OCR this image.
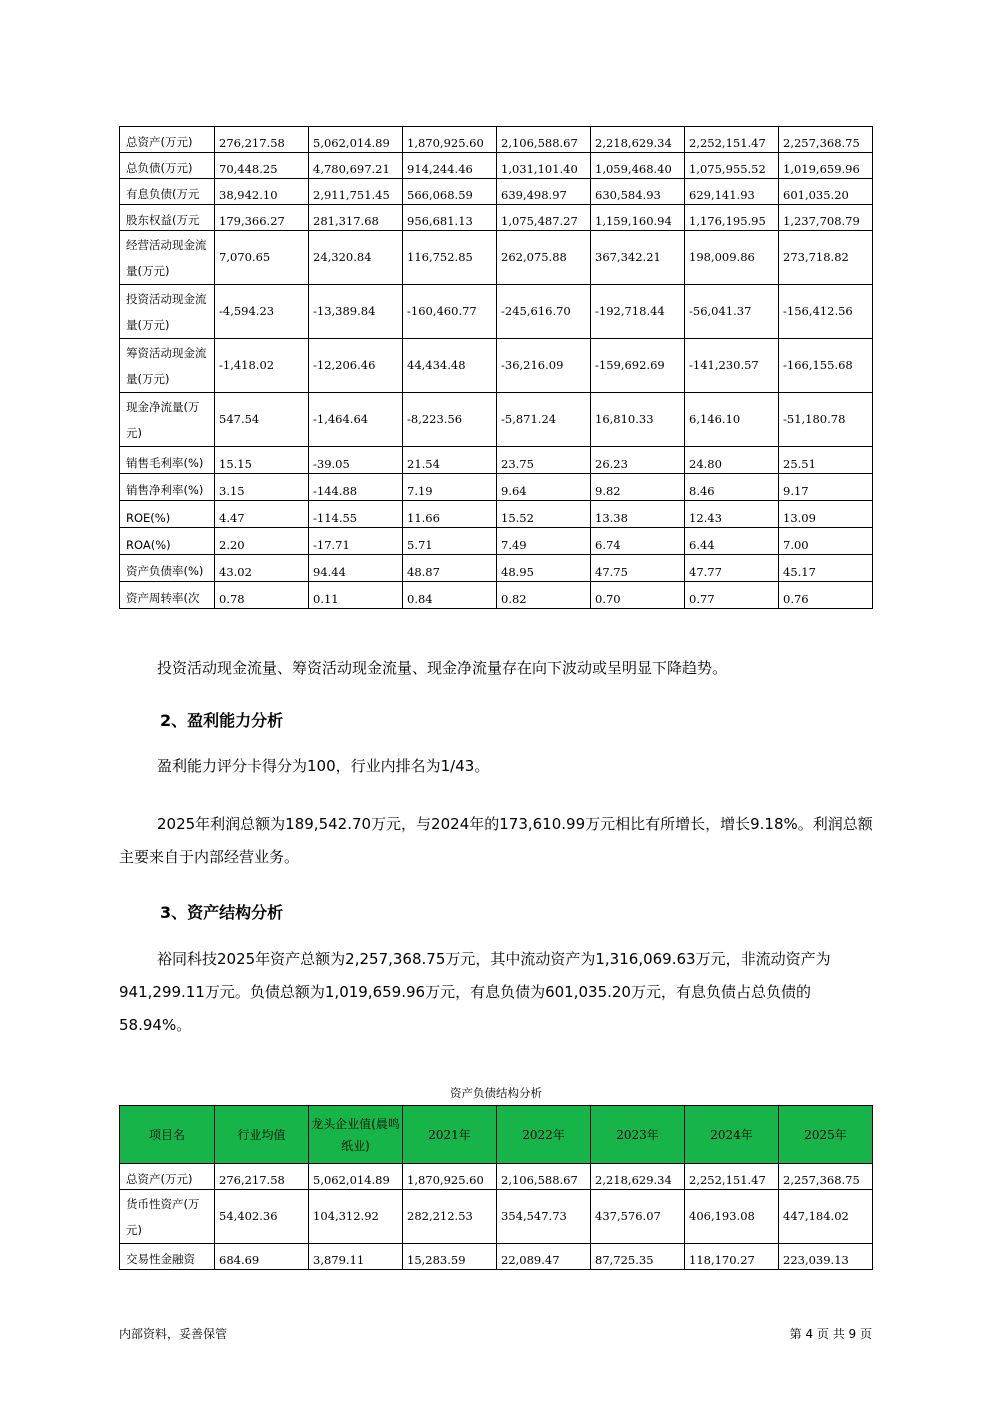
总资产(万元)	276,217.58	5,062,014.89	1,870,925.60	2,106,588.67	2,218,629.34	2,252,151.47	2,257,368.75
总负债(万元)	70,448.25	4,780,697.21	914,244.46	1,031,101.40	1,059,468.40	1,075,955.52	1,019,659.96
有息负债(万元	38,942.10	2,911,751.45	566,068.59	639,498.97	630,584.93	629,141.93	601,035.20
股东权益(万元	179,366.27	281,317.68	956,681.13	1,075,487.27	1,159,160.94	1,176,195.95	1,237,708.79
经营活动现金流量(万元)	7,070.65	24,320.84	116,752.85	262,075.88	367,342.21	198,009.86	273,718.82
投资活动现金流量(万元)	-4,594.23	-13,389.84	-160,460.77	-245,616.70	-192,718.44	-56,041.37	-156,412.56
筹资活动现金流量(万元)	-1,418.02	-12,206.46	44,434.48	-36,216.09	-159,692.69	-141,230.57	-166,155.68
现金净流量(万元)	547.54	-1,464.64	-8,223.56	-5,871.24	16,810.33	6,146.10	-51,180.78
销售毛利率(%)	15.15	-39.05	21.54	23.75	26.23	24.80	25.51
销售净利率(%)	3.15	-144.88	7.19	9.64	9.82	8.46	9.17
ROE(%)	4.47	-114.55	11.66	15.52	13.38	12.43	13.09
ROA(%)	2.20	-17.71	5.71	7.49	6.74	6.44	7.00
资产负债率(%)	43.02	94.44	48.87	48.95	47.75	47.77	45.17
资产周转率(次	0.78	0.11	0.84	0.82	0.70	0.77	0.76
投资活动现金流量、筹资活动现金流量、现金净流量存在向下波动或呈明显下降趋势。
2、盈利能力分析
盈利能力评分卡得分为100，行业内排名为1/43。
2025年利润总额为189,542.70万元，与2024年的173,610.99万元相比有所增长，增长9.18%。利润总额主要来自于内部经营业务。
3、资产结构分析
裕同科技2025年资产总额为2,257,368.75万元，其中流动资产为1,316,069.63万元，非流动资产为941,299.11万元。负债总额为1,019,659.96万元，有息负债为601,035.20万元，有息负债占总负债的58.94%。
资产负债结构分析
项目名	行业均值	龙头企业值(晨鸣纸业)	2021年	2022年	2023年	2024年	2025年
总资产(万元)	276,217.58	5,062,014.89	1,870,925.60	2,106,588.67	2,218,629.34	2,252,151.47	2,257,368.75
货币性资产(万元)	54,402.36	104,312.92	282,212.53	354,547.73	437,576.07	406,193.08	447,184.02
交易性金融资	684.69	3,879.11	15,283.59	22,089.47	87,725.35	118,170.27	223,039.13
内部资料，妥善保管	第 4 页 共 9 页
